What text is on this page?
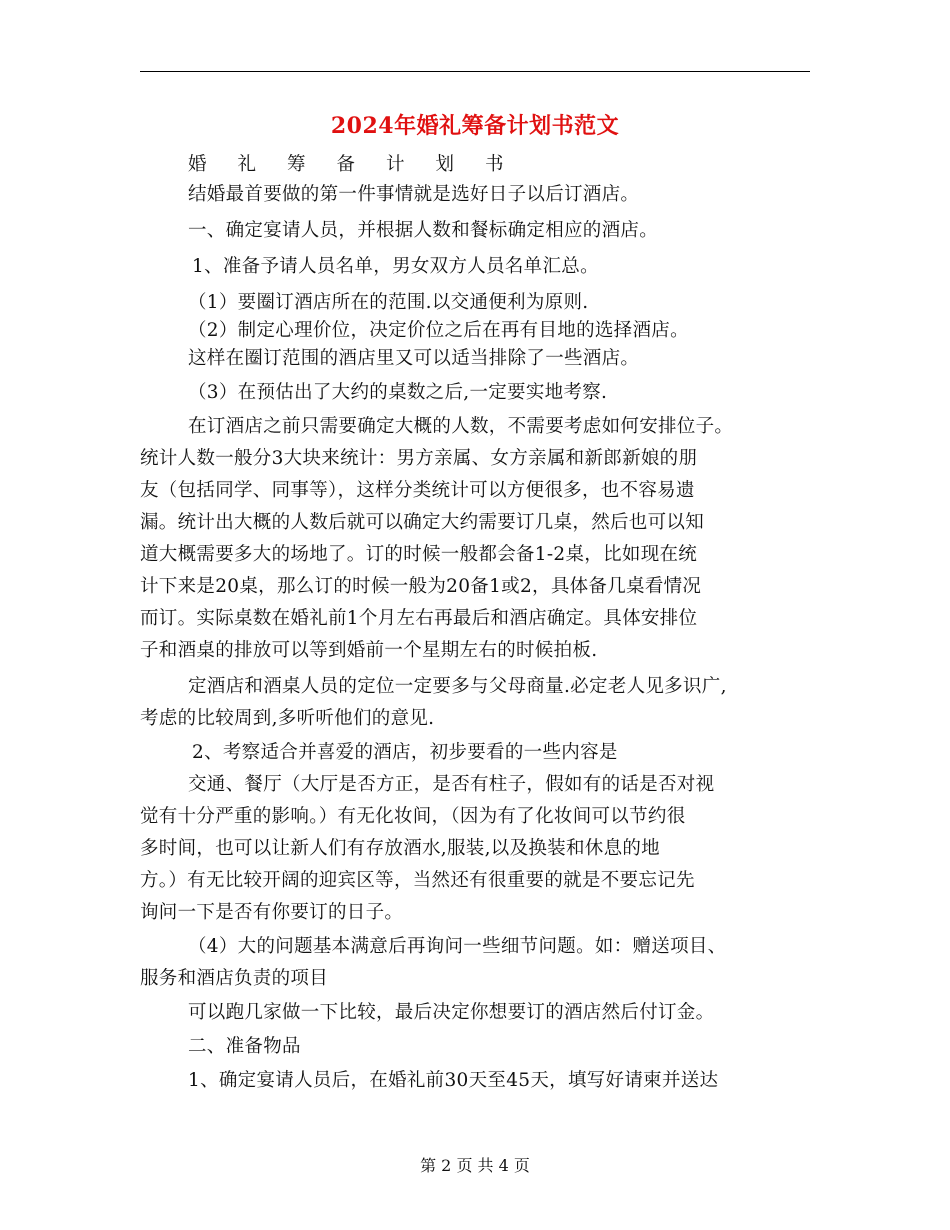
2024年婚礼筹备计划书范文
婚礼筹备计划书
结婚最首要做的第一件事情就是选好日子以后订酒店。
一、确定宴请人员，并根据人数和餐标确定相应的酒店。
1、准备予请人员名单，男女双方人员名单汇总。
（1）要圈订酒店所在的范围.以交通便利为原则.
（2）制定心理价位，决定价位之后在再有目地的选择酒店。
这样在圈订范围的酒店里又可以适当排除了一些酒店。
（3）在预估出了大约的桌数之后,一定要实地考察.
在订酒店之前只需要确定大概的人数，不需要考虑如何安排位子。
统计人数一般分3大块来统计：男方亲属、女方亲属和新郎新娘的朋
友（包括同学、同事等），这样分类统计可以方便很多，也不容易遗
漏。统计出大概的人数后就可以确定大约需要订几桌，然后也可以知
道大概需要多大的场地了。订的时候一般都会备1-2桌，比如现在统
计下来是20桌，那么订的时候一般为20备1或2，具体备几桌看情况
而订。实际桌数在婚礼前1个月左右再最后和酒店确定。具体安排位
子和酒桌的排放可以等到婚前一个星期左右的时候拍板.
定酒店和酒桌人员的定位一定要多与父母商量.必定老人见多识广,
考虑的比较周到,多听听他们的意见.
2、考察适合并喜爱的酒店，初步要看的一些内容是
交通、餐厅（大厅是否方正，是否有柱子，假如有的话是否对视
觉有十分严重的影响。）有无化妆间，（因为有了化妆间可以节约很
多时间，也可以让新人们有存放酒水,服装,以及换装和休息的地
方。）有无比较开阔的迎宾区等，当然还有很重要的就是不要忘记先
询问一下是否有你要订的日子。
（4）大的问题基本满意后再询问一些细节问题。如：赠送项目、
服务和酒店负责的项目
可以跑几家做一下比较，最后决定你想要订的酒店然后付订金。
二、准备物品
1、确定宴请人员后，在婚礼前30天至45天，填写好请柬并送达
第 2 页 共 4 页
